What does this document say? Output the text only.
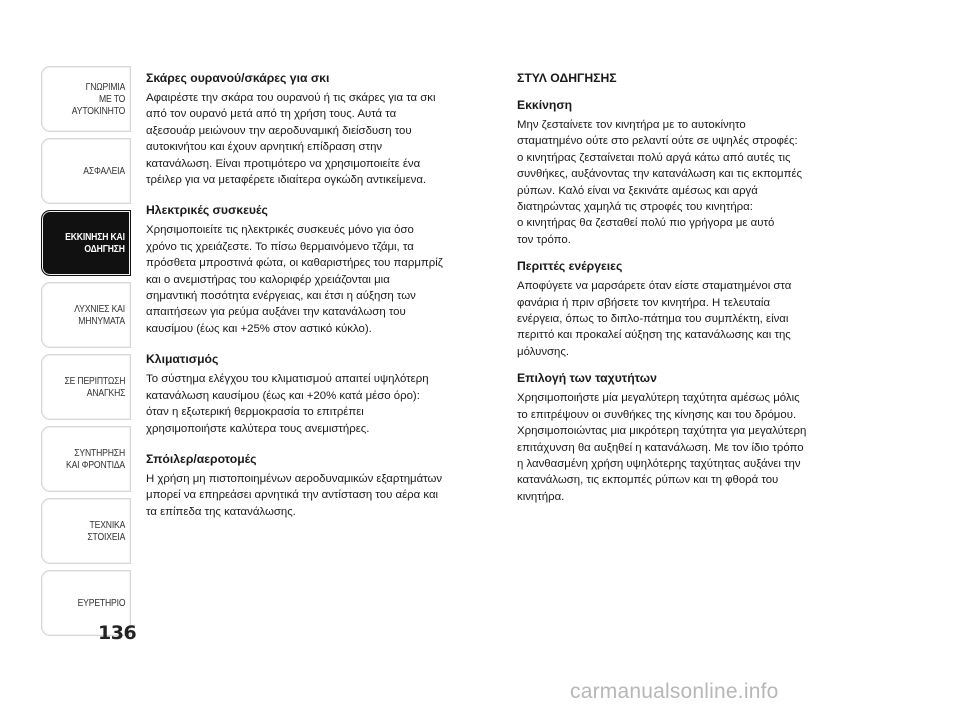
ΓΝΩΡΙΜΙΑ
ΜΕ ΤΟ
ΑΥΤΟΚΙΝΗΤΟ
ΑΣΦΑΛΕΙΑ
ΕΚΚΙΝΗΣΗ ΚΑΙ
ΟΔΗΓΗΣΗ
ΛΥΧΝΙΕΣ ΚΑΙ
ΜΗΝΥΜΑΤΑ
ΣΕ ΠΕΡΙΠΤΩΣΗ
ΑΝΑΓΚΗΣ
ΣΥΝΤΗΡΗΣΗ
ΚΑΙ ΦΡΟΝΤΙΔΑ
ΤΕΧΝΙΚΑ
ΣΤΟΙΧΕΙΑ
ΕΥΡΕΤΗΡΙΟ
136
Σκάρες ουρανού/σκάρες για σκι

Αφαιρέστε την σκάρα του ουρανού ή τις σκάρες για τα σκι
από τον ουρανό μετά από τη χρήση τους. Αυτά τα
αξεσουάρ μειώνουν την αεροδυναμική διείσδυση του
αυτοκινήτου και έχουν αρνητική επίδραση στην
κατανάλωση. Είναι προτιμότερο να χρησιμοποιείτε ένα
τρέιλερ για να μεταφέρετε ιδιαίτερα ογκώδη αντικείμενα.

Ηλεκτρικές συσκευές

Χρησιμοποιείτε τις ηλεκτρικές συσκευές μόνο για όσο
χρόνο τις χρειάζεστε. Το πίσω θερμαινόμενο τζάμι, τα
πρόσθετα μπροστινά φώτα, οι καθαριστήρες του παρμπρίζ
και ο ανεμιστήρας του καλοριφέρ χρειάζονται μια
σημαντική ποσότητα ενέργειας, και έτσι η αύξηση των
απαιτήσεων για ρεύμα αυξάνει την κατανάλωση του
καυσίμου (έως και +25% στον αστικό κύκλο).

Κλιματισμός

Το σύστημα ελέγχου του κλιματισμού απαιτεί υψηλότερη
κατανάλωση καυσίμου (έως και +20% κατά μέσο όρο):
όταν η εξωτερική θερμοκρασία το επιτρέπει
χρησιμοποιήστε καλύτερα τους ανεμιστήρες.

Σπόιλερ/αεροτομές

Η χρήση μη πιστοποιημένων αεροδυναμικών εξαρτημάτων
μπορεί να επηρεάσει αρνητικά την αντίσταση του αέρα και
τα επίπεδα της κατανάλωσης.

ΣΤΥΛ ΟΔΗΓΗΣΗΣ
Εκκίνηση

Μην ζεσταίνετε τον κινητήρα με το αυτοκίνητο
σταματημένο ούτε στο ρελαντί ούτε σε υψηλές στροφές:
ο κινητήρας ζεσταίνεται πολύ αργά κάτω από αυτές τις
συνθήκες, αυξάνοντας την κατανάλωση και τις εκπομπές
ρύπων. Καλό είναι να ξεκινάτε αμέσως και αργά
διατηρώντας χαμηλά τις στροφές του κινητήρα:
ο κινητήρας θα ζεσταθεί πολύ πιο γρήγορα με αυτό
τον τρόπο.

Περιττές ενέργειες

Αποφύγετε να μαρσάρετε όταν είστε σταματημένοι στα
φανάρια ή πριν σβήσετε τον κινητήρα. Η τελευταία
ενέργεια, όπως το διπλο-πάτημα του συμπλέκτη, είναι
περιττό και προκαλεί αύξηση της κατανάλωσης και της
μόλυνσης.

Επιλογή των ταχυτήτων

Χρησιμοποιήστε μία μεγαλύτερη ταχύτητα αμέσως μόλις
το επιτρέψουν οι συνθήκες της κίνησης και του δρόμου.
Χρησιμοποιώντας μια μικρότερη ταχύτητα για μεγαλύτερη
επιτάχυνση θα αυξηθεί η κατανάλωση. Με τον ίδιο τρόπο
η λανθασμένη χρήση υψηλότερης ταχύτητας αυξάνει την
κατανάλωση, τις εκπομπές ρύπων και τη φθορά του
κινητήρα.

carmanualsonline.info
